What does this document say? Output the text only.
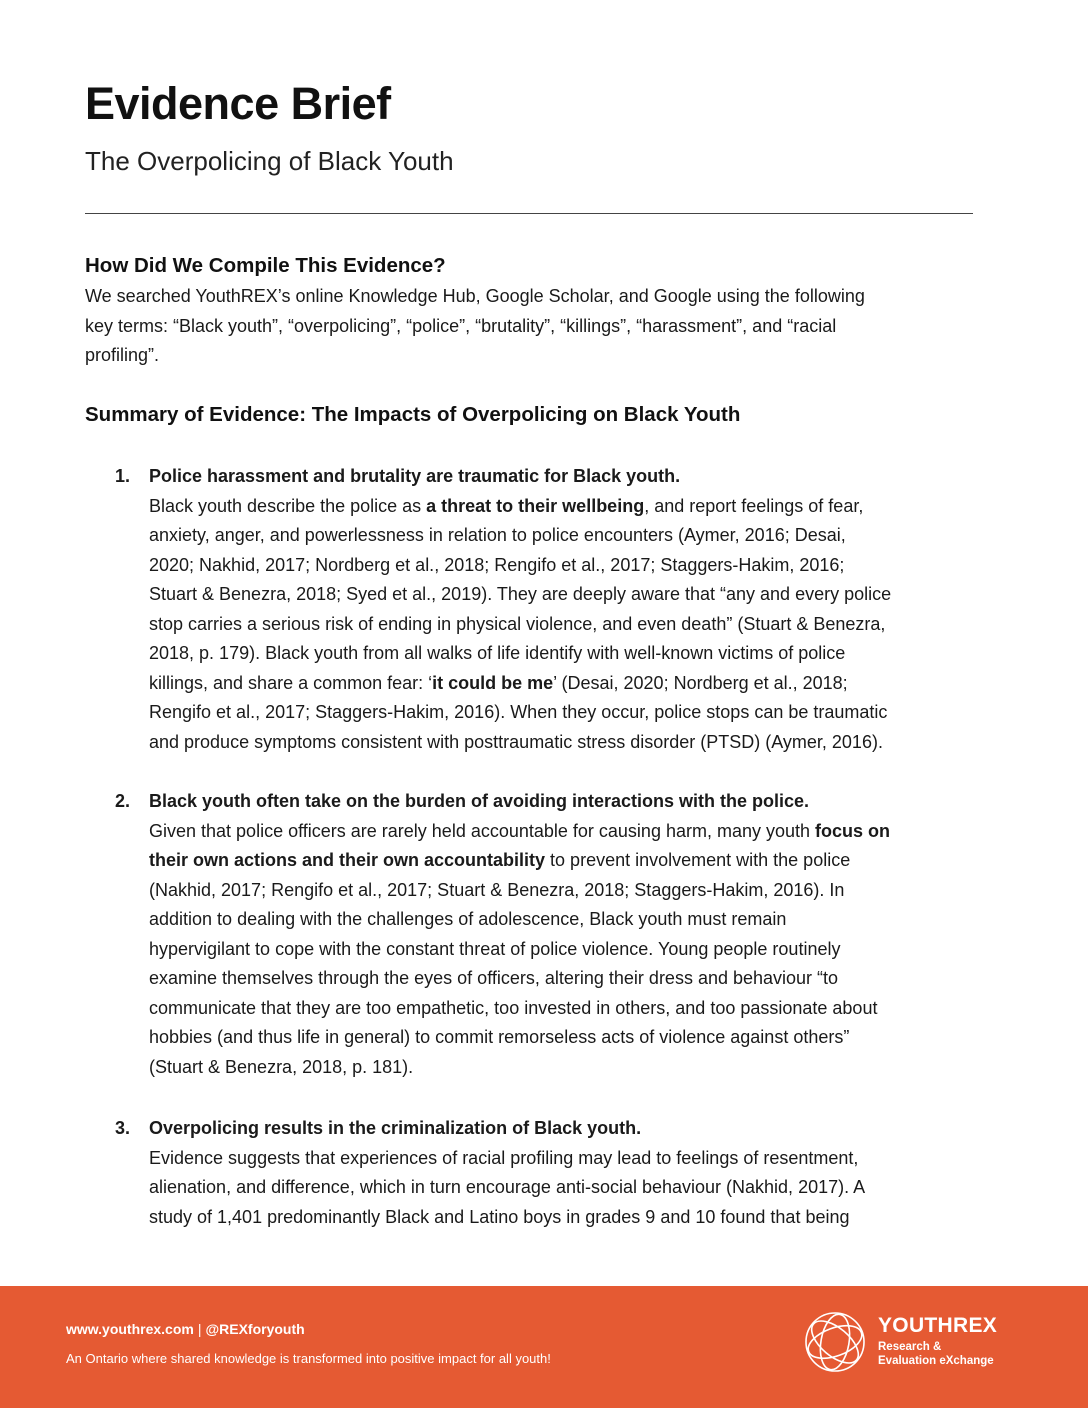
Evidence Brief
The Overpolicing of Black Youth
How Did We Compile This Evidence?

We searched YouthREX’s online Knowledge Hub, Google Scholar, and Google using the following
key terms: “Black youth”, “overpolicing”, “police”, “brutality”, “killings”, “harassment”, and “racial
profiling”.

Summary of Evidence: The Impacts of Overpolicing on Black Youth
1. Police harassment and brutality are traumatic for Black youth.

Black youth describe the police as a threat to their wellbeing, and report feelings of fear,
anxiety, anger, and powerlessness in relation to police encounters (Aymer, 2016; Desai,
2020; Nakhid, 2017; Nordberg et al., 2018; Rengifo et al., 2017; Staggers-Hakim, 2016;
Stuart & Benezra, 2018; Syed et al., 2019). They are deeply aware that “any and every police
stop carries a serious risk of ending in physical violence, and even death” (Stuart & Benezra,
2018, p. 179). Black youth from all walks of life identify with well-known victims of police
killings, and share a common fear: ‘it could be me’ (Desai, 2020; Nordberg et al., 2018;
Rengifo et al., 2017; Staggers-Hakim, 2016). When they occur, police stops can be traumatic
and produce symptoms consistent with posttraumatic stress disorder (PTSD) (Aymer, 2016).

2. Black youth often take on the burden of avoiding interactions with the police.

Given that police officers are rarely held accountable for causing harm, many youth focus on
their own actions and their own accountability to prevent involvement with the police
(Nakhid, 2017; Rengifo et al., 2017; Stuart & Benezra, 2018; Staggers-Hakim, 2016). In
addition to dealing with the challenges of adolescence, Black youth must remain
hypervigilant to cope with the constant threat of police violence. Young people routinely
examine themselves through the eyes of officers, altering their dress and behaviour “to
communicate that they are too empathetic, too invested in others, and too passionate about
hobbies (and thus life in general) to commit remorseless acts of violence against others”
(Stuart & Benezra, 2018, p. 181).

3. Overpolicing results in the criminalization of Black youth.

Evidence suggests that experiences of racial profiling may lead to feelings of resentment,
alienation, and difference, which in turn encourage anti-social behaviour (Nakhid, 2017). A
study of 1,401 predominantly Black and Latino boys in grades 9 and 10 found that being

www.youthrex.com | @REXforyouth
An Ontario where shared knowledge is transformed into positive impact for all youth!
YOUTHREX
Research &
Evaluation eXchange
